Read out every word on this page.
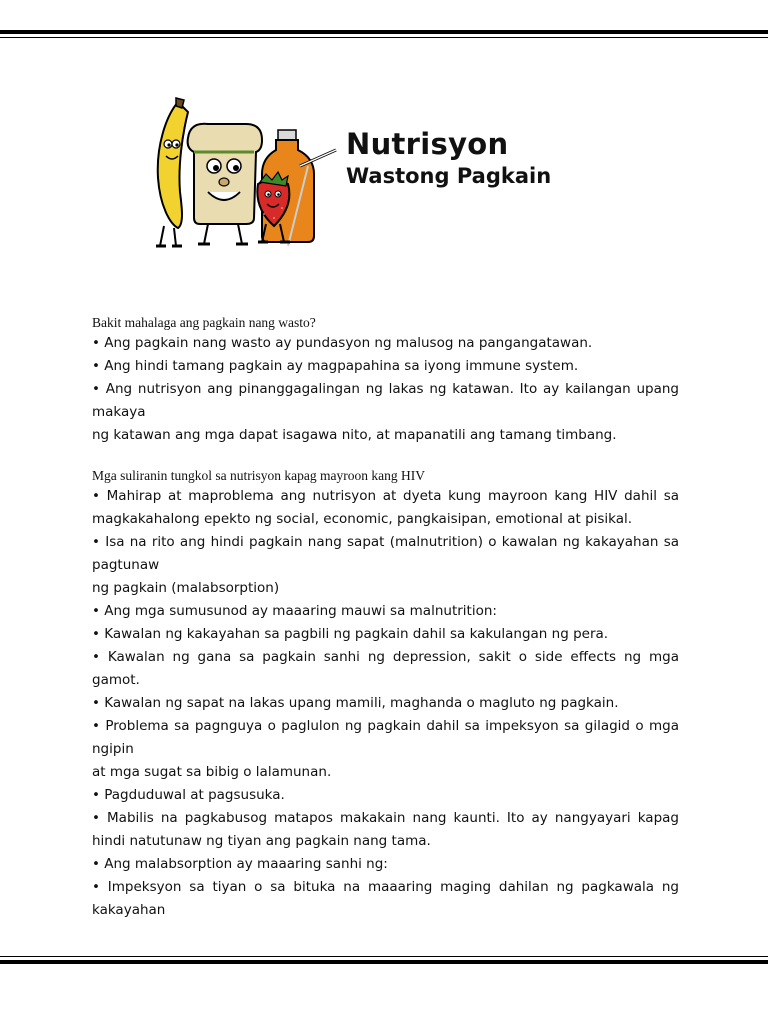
Nutrisyon
Wastong Pagkain

Bakit mahalaga ang pagkain nang wasto?

• Ang pagkain nang wasto ay pundasyon ng malusog na pangangatawan.

• Ang hindi tamang pagkain ay magpapahina sa iyong immune system.

• Ang nutrisyon ang pinanggagalingan ng lakas ng katawan. Ito ay kailangan upang makaya

ng katawan ang mga dapat isagawa nito, at mapanatili ang tamang timbang.

Mga suliranin tungkol sa nutrisyon kapag mayroon kang HIV

• Mahirap at maproblema ang nutrisyon at dyeta kung mayroon kang HIV dahil sa magkakahalong epekto ng social, economic, pangkaisipan, emotional at pisikal.

• Isa na rito ang hindi pagkain nang sapat (malnutrition) o kawalan ng kakayahan sa pagtunaw

ng pagkain (malabsorption)

• Ang mga sumusunod ay maaaring mauwi sa malnutrition:

• Kawalan ng kakayahan sa pagbili ng pagkain dahil sa kakulangan ng pera.

• Kawalan ng gana sa pagkain sanhi ng depression, sakit o side effects ng mga gamot.

• Kawalan ng sapat na lakas upang mamili, maghanda o magluto ng pagkain.

• Problema sa pagnguya o paglulon ng pagkain dahil sa impeksyon sa gilagid o mga ngipin

at mga sugat sa bibig o lalamunan.

• Pagduduwal at pagsusuka.

• Mabilis na pagkabusog matapos makakain nang kaunti. Ito ay nangyayari kapag hindi natutunaw ng tiyan ang pagkain nang tama.

• Ang malabsorption ay maaaring sanhi ng:

• Impeksyon sa tiyan o sa bituka na maaaring maging dahilan ng pagkawala ng kakayahan
